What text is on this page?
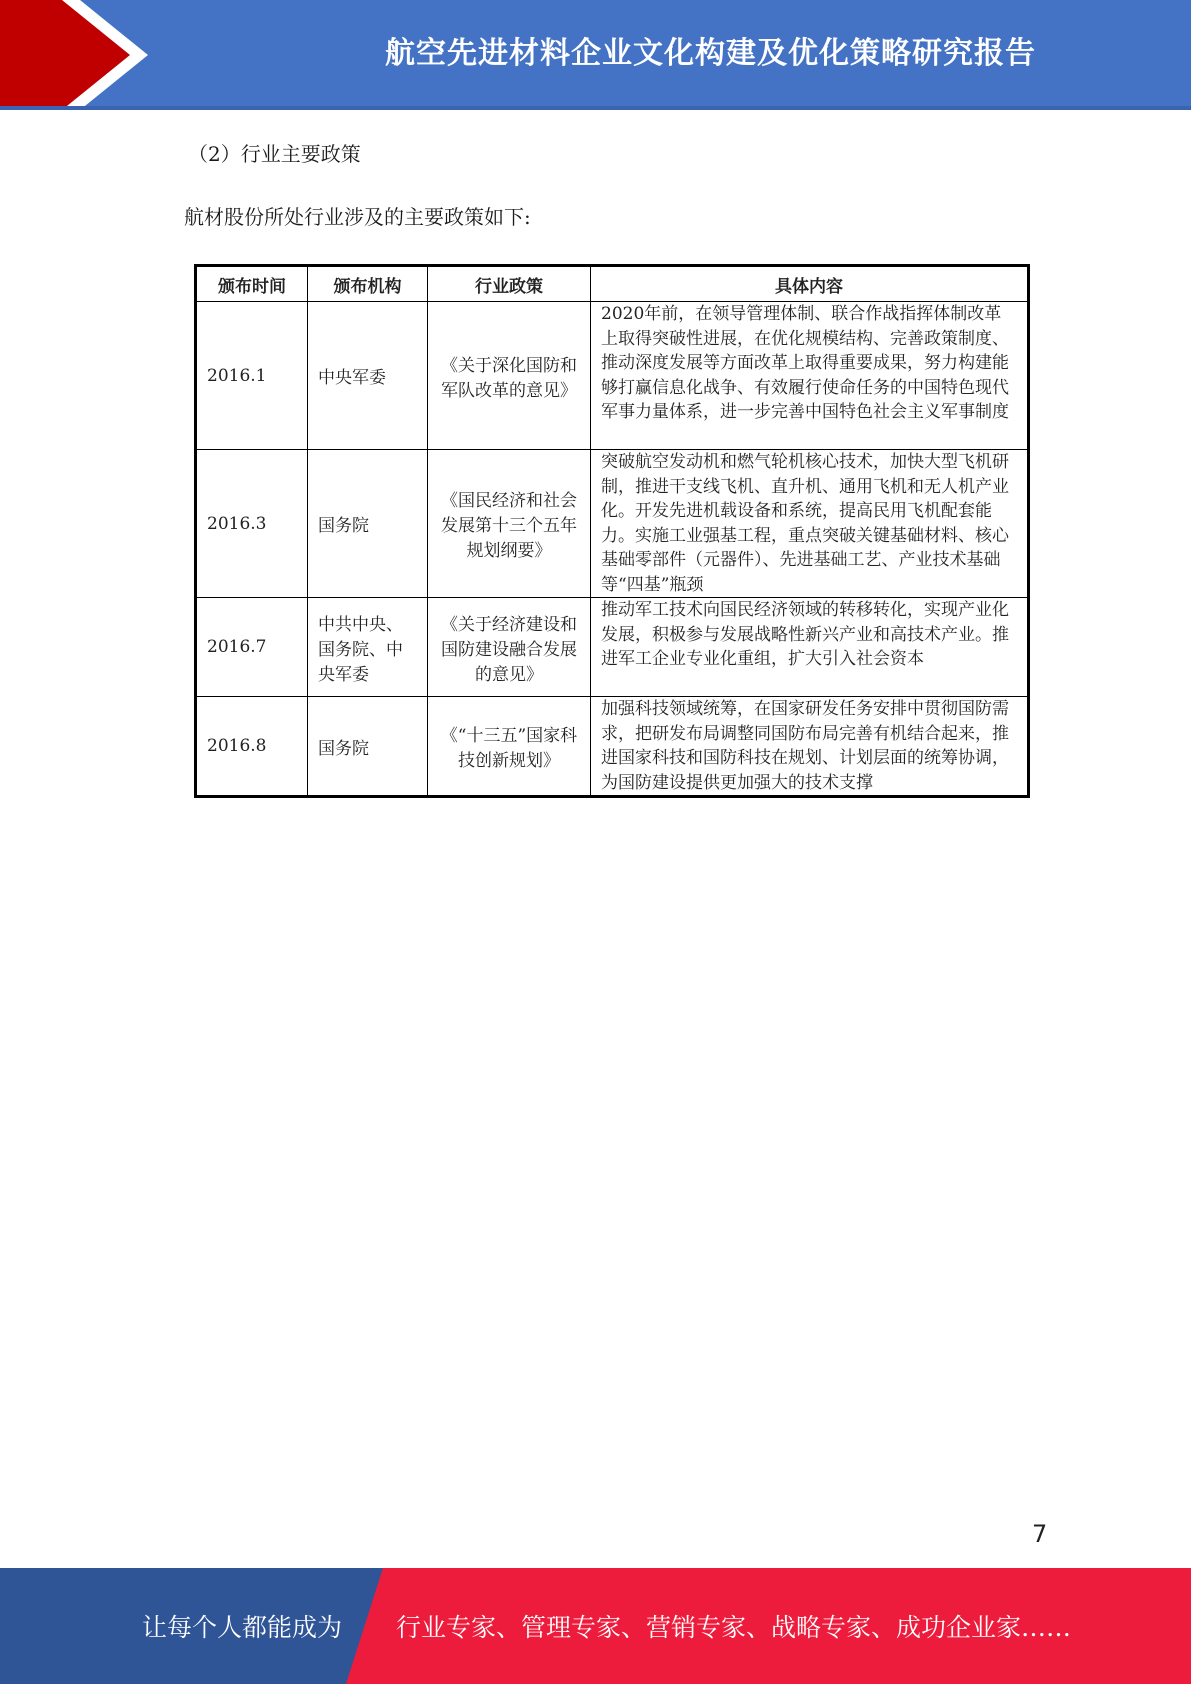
航空先进材料企业文化构建及优化策略研究报告
（2）行业主要政策
航材股份所处行业涉及的主要政策如下:
颁布时间	颁布机构	行业政策	具体内容
2016.1	中央军委	《关于深化国防和军队改革的意见》	2020年前，在领导管理体制、联合作战指挥体制改革上取得突破性进展，在优化规模结构、完善政策制度、推动深度发展等方面改革上取得重要成果，努力构建能够打赢信息化战争、有效履行使命任务的中国特色现代军事力量体系，进一步完善中国特色社会主义军事制度
2016.3	国务院	《国民经济和社会发展第十三个五年规划纲要》	突破航空发动机和燃气轮机核心技术，加快大型飞机研制，推进干支线飞机、直升机、通用飞机和无人机产业化。开发先进机载设备和系统，提高民用飞机配套能力。实施工业强基工程，重点突破关键基础材料、核心基础零部件（元器件）、先进基础工艺、产业技术基础等“四基”瓶颈
2016.7	中共中央、国务院、中央军委	《关于经济建设和国防建设融合发展的意见》	推动军工技术向国民经济领域的转移转化，实现产业化发展，积极参与发展战略性新兴产业和高技术产业。推进军工企业专业化重组，扩大引入社会资本
2016.8	国务院	《“十三五”国家科技创新规划》	加强科技领域统筹，在国家研发任务安排中贯彻国防需求，把研发布局调整同国防布局完善有机结合起来，推进国家科技和国防科技在规划、计划层面的统筹协调，为国防建设提供更加强大的技术支撑
7
让每个人都能成为 行业专家、管理专家、营销专家、战略专家、成功企业家……
